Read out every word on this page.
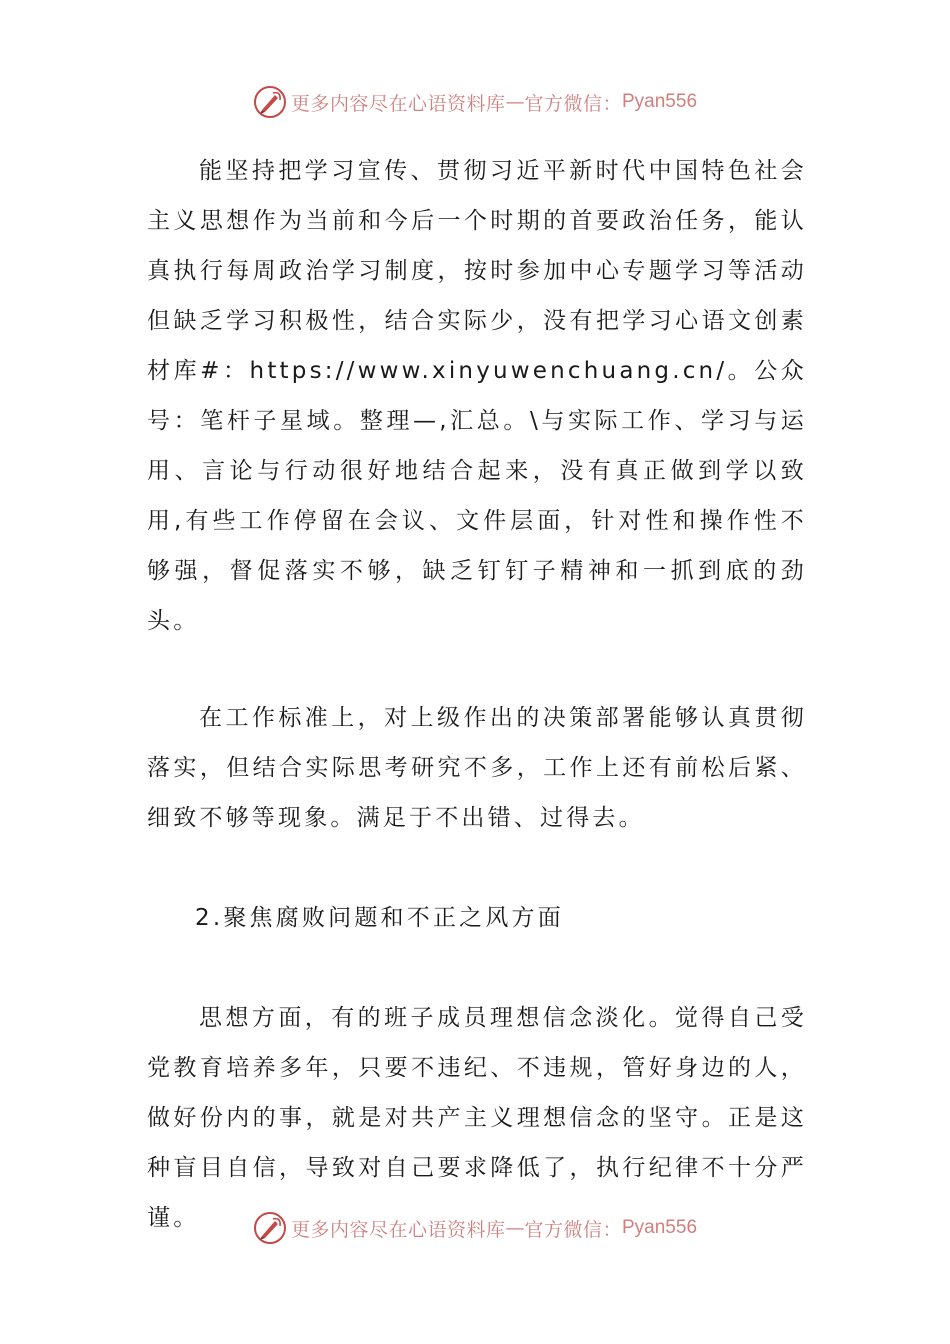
更多内容尽在心语资料库 — 官方微信： Pyan556

能坚持把学习宣传、贯彻习近平新时代中国特色社会主义思想作为当前和今后一个时期的首要政治任务，能认真执行每周政治学习制度，按时参加中心专题学习等活动但缺乏学习积极性，结合实际少，没有把学习心语文创素材库#：https://www.xinyuwenchuang.cn/。公众号：笔杆子星域。整理—,汇总。\与实际工作、学习与运用、言论与行动很好地结合起来，没有真正做到学以致用,有些工作停留在会议、文件层面，针对性和操作性不够强，督促落实不够，缺乏钉钉子精神和一抓到底的劲头。

在工作标准上，对上级作出的决策部署能够认真贯彻落实，但结合实际思考研究不多，工作上还有前松后紧、细致不够等现象。满足于不出错、过得去。

2.聚焦腐败问题和不正之风方面

思想方面，有的班子成员理想信念淡化。觉得自己受党教育培养多年，只要不违纪、不违规，管好身边的人，做好份内的事，就是对共产主义理想信念的坚守。正是这种盲目自信，导致对自己要求降低了，执行纪律不十分严谨。	更多内容尽在心语资料库 — 官方微信： Pyan556
